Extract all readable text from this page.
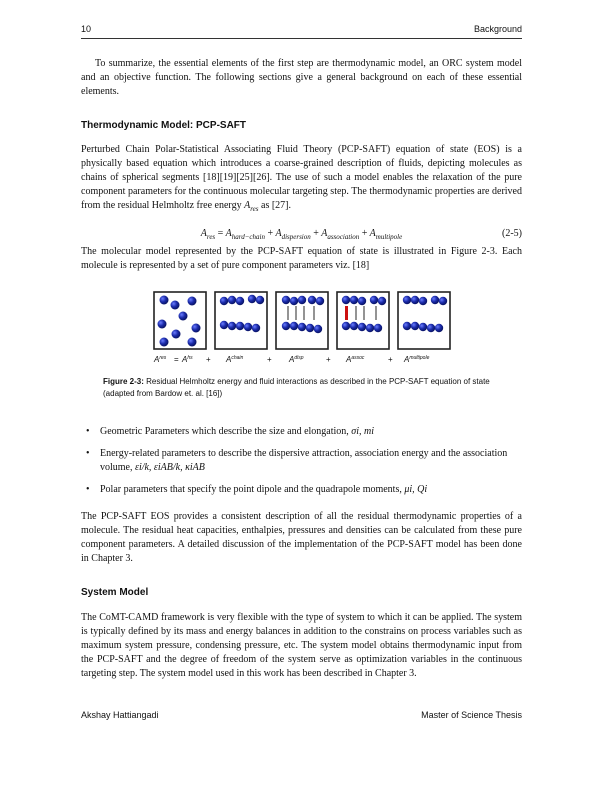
10	Background
To summarize, the essential elements of the first step are thermodynamic model, an ORC system model and an objective function. The following sections give a general background on each of these essential elements.
Thermodynamic Model: PCP-SAFT
Perturbed Chain Polar-Statistical Associating Fluid Theory (PCP-SAFT) equation of state (EOS) is a physically based equation which introduces a coarse-grained description of fluids, depicting molecules as chains of spherical segments [18][19][25][26]. The use of such a model enables the relaxation of the pure component parameters for the continuous molecular targeting step. The thermodynamic properties are derived from the residual Helmholtz free energy $A_{res}$ as [27].
$A_{res} = A_{hard-chain} + A_{dispersion} + A_{association} + A_{multipole}$	(2-5)
The molecular model represented by the PCP-SAFT equation of state is illustrated in Figure 2-3. Each molecule is represented by a set of pure component parameters viz. [18]
$A^{res} = A^{hs} + A^{chain}$	+ $A^{disp}$	+ $A^{assoc}$	+ $A^{multipole}$
Figure 2-3: Residual Helmholtz energy and fluid interactions as described in the PCP-SAFT equation of state (adapted from Bardow et. al. [16])
• Geometric Parameters which describe the size and elongation, σi, mi
• Energy-related parameters to describe the dispersive attraction, association energy and the association volume, εi/k, εiAB/k, κiAB
• Polar parameters that specify the point dipole and the quadrapole moments, μi, Qi
The PCP-SAFT EOS provides a consistent description of all the residual thermodynamic properties of a molecule. The residual heat capacities, enthalpies, pressures and densities can be calculated from these pure component parameters. A detailed discussion of the implementation of the PCP-SAFT model has been done in Chapter 3.
System Model
The CoMT-CAMD framework is very flexible with the type of system to which it can be applied. The system is typically defined by its mass and energy balances in addition to the constrains on process variables such as maximum system pressure, condensing pressure, etc. The system model obtains thermodynamic input from the PCP-SAFT and the degree of freedom of the system serve as optimization variables in the continuous targeting step. The system model used in this work has been described in Chapter 3.
Akshay Hattiangadi	Master of Science Thesis
